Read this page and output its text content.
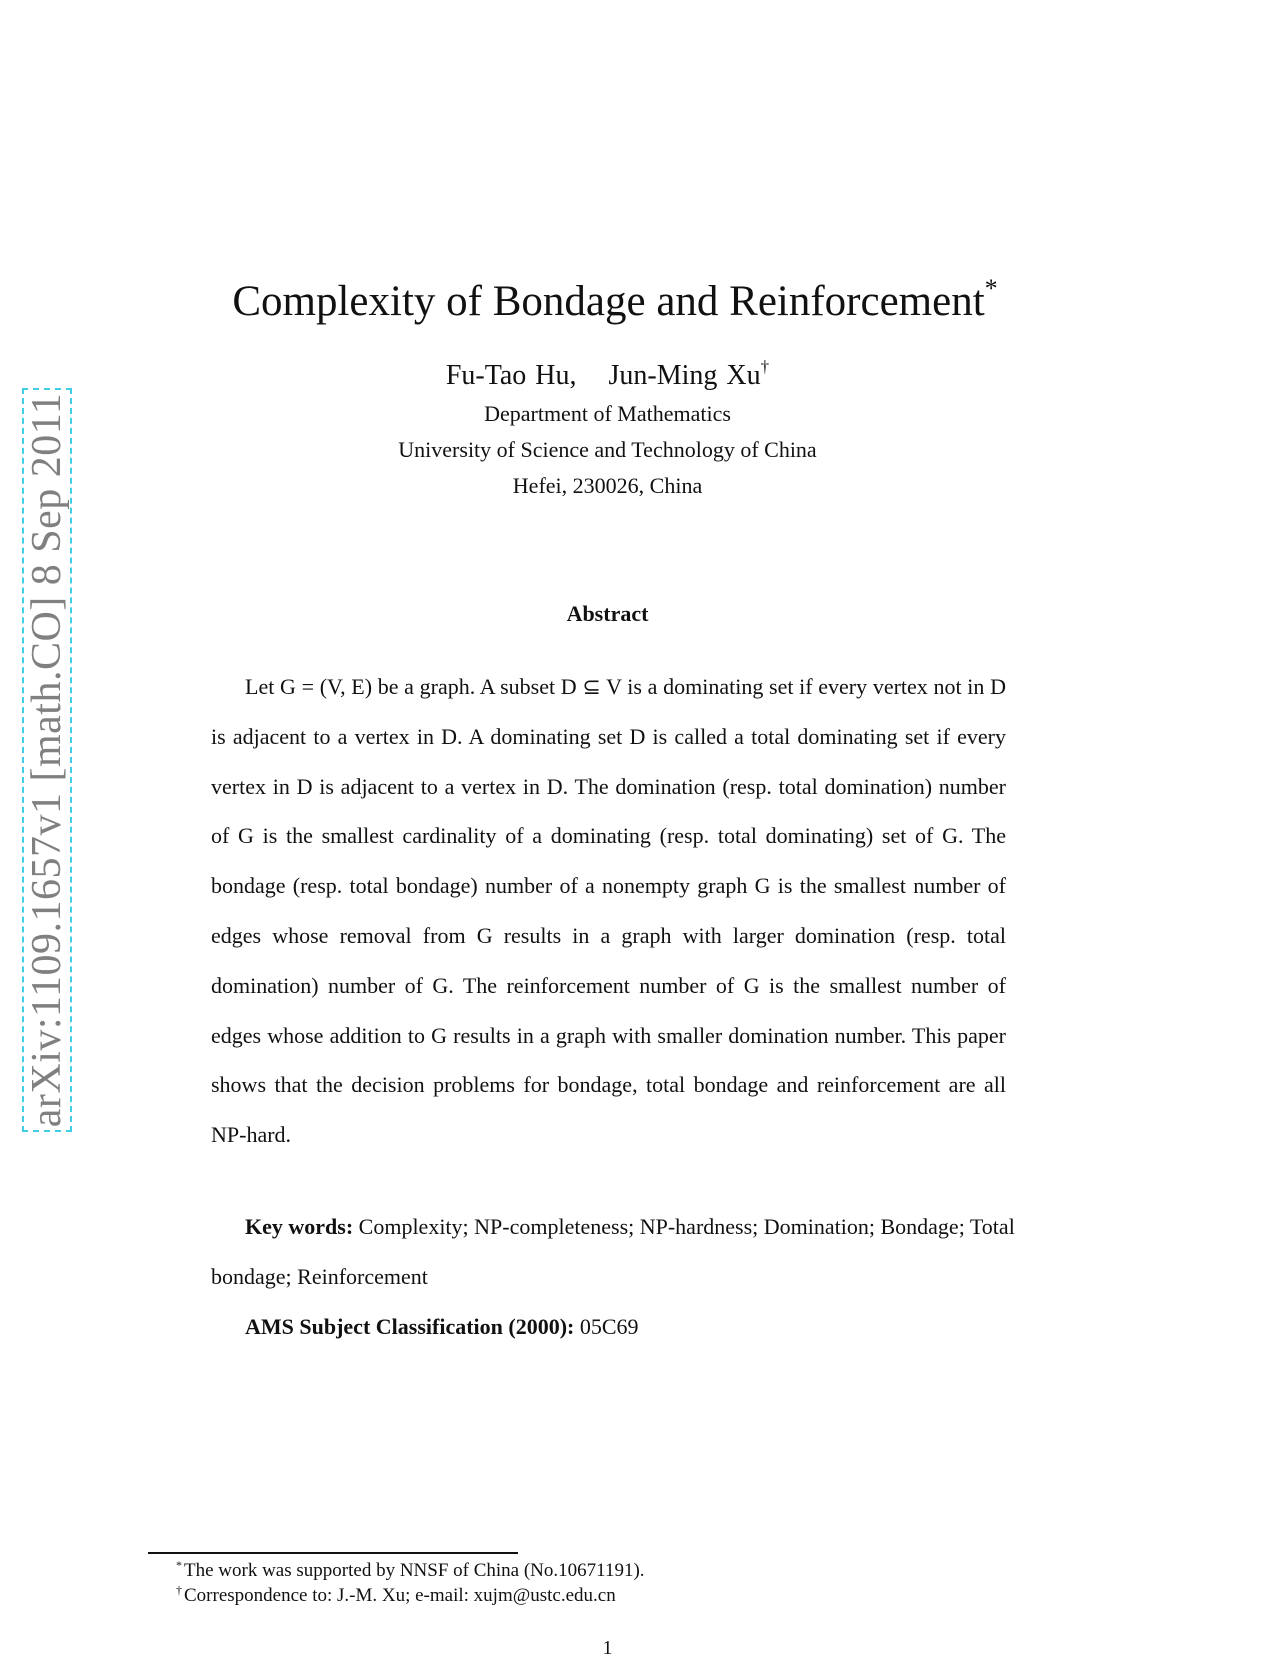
arXiv:1109.1657v1 [math.CO] 8 Sep 2011
Complexity of Bondage and Reinforcement*
Fu-Tao Hu, Jun-Ming Xu†
Department of Mathematics
University of Science and Technology of China
Hefei, 230026, China
Abstract
Let G = (V, E) be a graph. A subset D ⊆ V is a dominating set if every vertex not in D is adjacent to a vertex in D. A dominating set D is called a total dominating set if every vertex in D is adjacent to a vertex in D. The domination (resp. total domination) number of G is the smallest cardinality of a dominating (resp. total dominating) set of G. The bondage (resp. total bondage) number of a nonempty graph G is the smallest number of edges whose removal from G results in a graph with larger domination (resp. total domination) number of G. The reinforcement number of G is the smallest number of edges whose addition to G results in a graph with smaller domination number. This paper shows that the decision problems for bondage, total bondage and reinforcement are all NP-hard.
Key words: Complexity; NP-completeness; NP-hardness; Domination; Bondage; Total bondage; Reinforcement
AMS Subject Classification (2000): 05C69
* The work was supported by NNSF of China (No.10671191).
† Correspondence to: J.-M. Xu; e-mail: xujm@ustc.edu.cn
1
